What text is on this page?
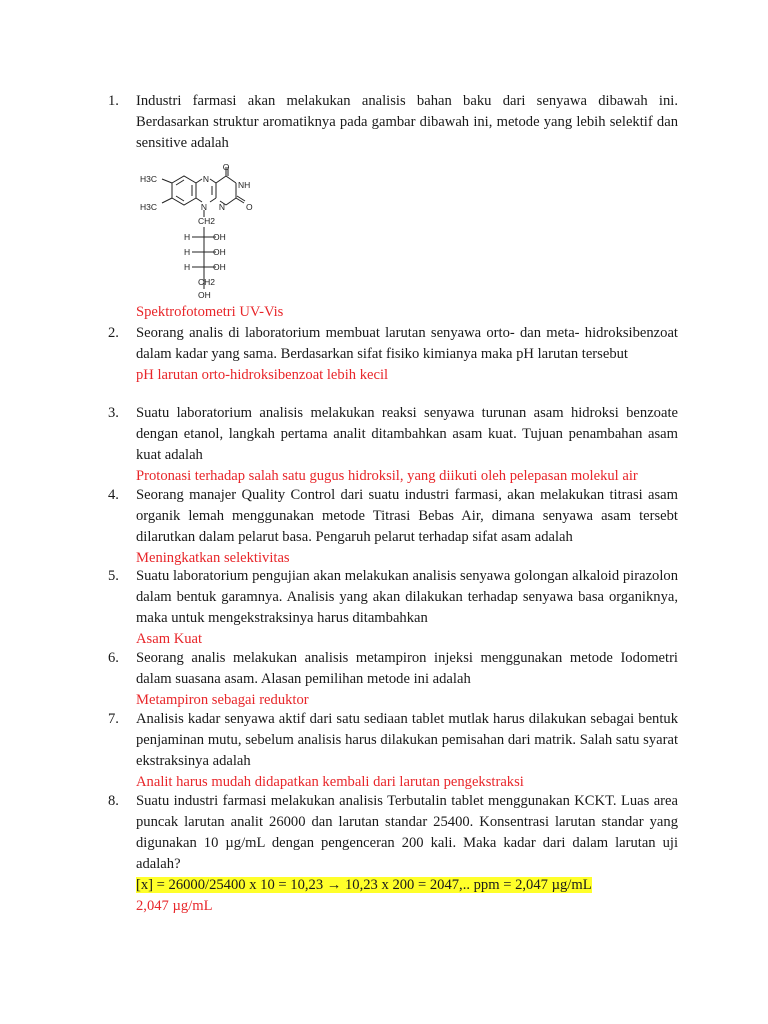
1. Industri farmasi akan melakukan analisis bahan baku dari senyawa dibawah ini. Berdasarkan struktur aromatiknya pada gambar dibawah ini, metode yang lebih selektif dan sensitive adalah
O
N
NH
H3C
H3C	N N O
CH2
H	OH
H	OH
H	OH
CH2
OH
Spektrofotometri UV-Vis
2. Seorang analis di laboratorium membuat larutan senyawa orto- dan meta- hidroksibenzoat dalam kadar yang sama. Berdasarkan sifat fisiko kimianya maka pH larutan tersebut
pH larutan orto-hidroksibenzoat lebih kecil
3. Suatu laboratorium analisis melakukan reaksi senyawa turunan asam hidroksi benzoate dengan etanol, langkah pertama analit ditambahkan asam kuat. Tujuan penambahan asam kuat adalah
Protonasi terhadap salah satu gugus hidroksil, yang diikuti oleh pelepasan molekul air
4. Seorang manajer Quality Control dari suatu industri farmasi, akan melakukan titrasi asam organik lemah menggunakan metode Titrasi Bebas Air, dimana senyawa asam tersebt dilarutkan dalam pelarut basa. Pengaruh pelarut terhadap sifat asam adalah
Meningkatkan selektivitas
5. Suatu laboratorium pengujian akan melakukan analisis senyawa golongan alkaloid pirazolon dalam bentuk garamnya. Analisis yang akan dilakukan terhadap senyawa basa organiknya, maka untuk mengekstraksinya harus ditambahkan
Asam Kuat
6. Seorang analis melakukan analisis metampiron injeksi menggunakan metode Iodometri dalam suasana asam. Alasan pemilihan metode ini adalah
Metampiron sebagai reduktor
7. Analisis kadar senyawa aktif dari satu sediaan tablet mutlak harus dilakukan sebagai bentuk penjaminan mutu, sebelum analisis harus dilakukan pemisahan dari matrik. Salah satu syarat ekstraksinya adalah
Analit harus mudah didapatkan kembali dari larutan pengekstraksi
8. Suatu industri farmasi melakukan analisis Terbutalin tablet menggunakan KCKT. Luas area puncak larutan analit 26000 dan larutan standar 25400. Konsentrasi larutan standar yang digunakan 10 µg/mL dengan pengenceran 200 kali. Maka kadar dari dalam larutan uji adalah?
[x] = 26000/25400 x 10 = 10,23 → 10,23 x 200 = 2047,.. ppm = 2,047 µg/mL
2,047 µg/mL
